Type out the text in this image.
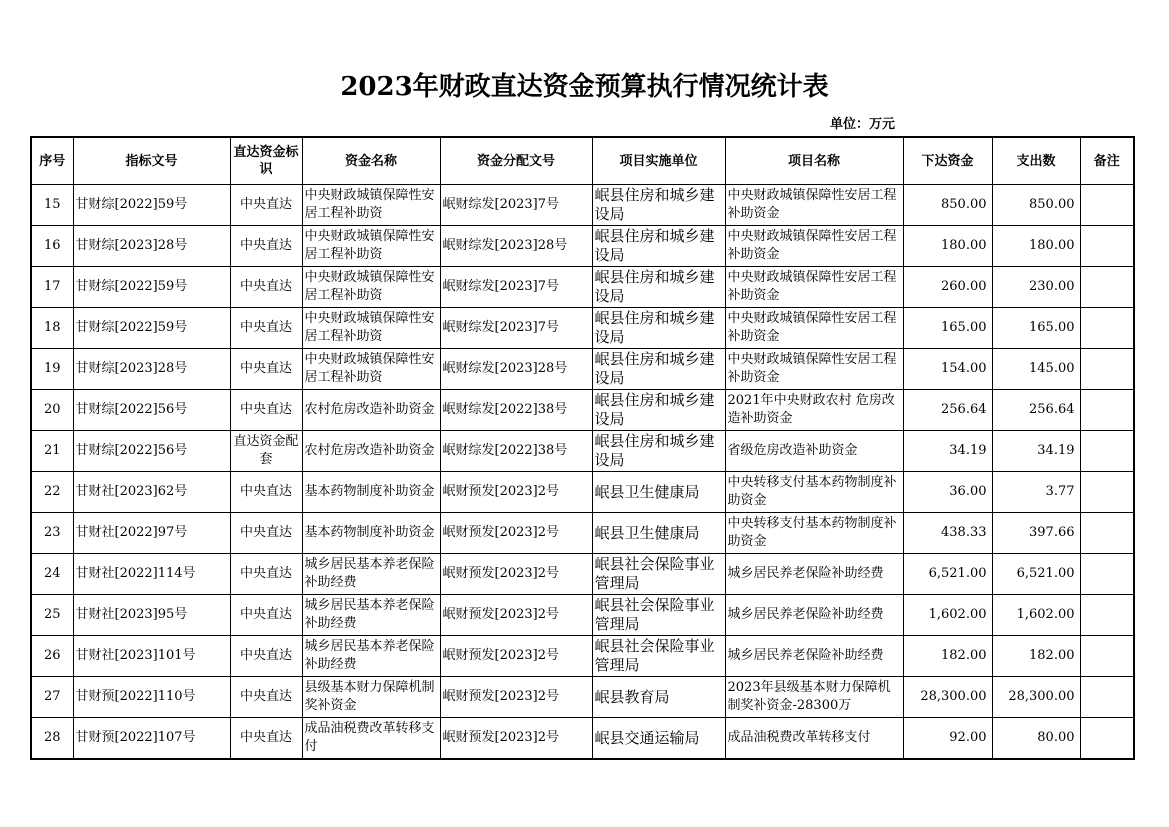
2023年财政直达资金预算执行情况统计表
单位：万元
序号	指标文号	直达资金标识	资金名称	资金分配文号	项目实施单位	项目名称	下达资金	支出数	备注
15	甘财综[2022]59号	中央直达	中央财政城镇保障性安居工程补助资	岷财综发[2023]7号	岷县住房和城乡建设局	中央财政城镇保障性安居工程补助资金	850.00	850.00	
16	甘财综[2023]28号	中央直达	中央财政城镇保障性安居工程补助资	岷财综发[2023]28号	岷县住房和城乡建设局	中央财政城镇保障性安居工程补助资金	180.00	180.00	
17	甘财综[2022]59号	中央直达	中央财政城镇保障性安居工程补助资	岷财综发[2023]7号	岷县住房和城乡建设局	中央财政城镇保障性安居工程补助资金	260.00	230.00	
18	甘财综[2022]59号	中央直达	中央财政城镇保障性安居工程补助资	岷财综发[2023]7号	岷县住房和城乡建设局	中央财政城镇保障性安居工程补助资金	165.00	165.00	
19	甘财综[2023]28号	中央直达	中央财政城镇保障性安居工程补助资	岷财综发[2023]28号	岷县住房和城乡建设局	中央财政城镇保障性安居工程补助资金	154.00	145.00	
20	甘财综[2022]56号	中央直达	农村危房改造补助资金	岷财综发[2022]38号	岷县住房和城乡建设局	2021年中央财政农村 危房改造补助资金	256.64	256.64	
21	甘财综[2022]56号	直达资金配套	农村危房改造补助资金	岷财综发[2022]38号	岷县住房和城乡建设局	省级危房改造补助资金	34.19	34.19	
22	甘财社[2023]62号	中央直达	基本药物制度补助资金	岷财预发[2023]2号	岷县卫生健康局	中央转移支付基本药物制度补助资金	36.00	3.77	
23	甘财社[2022]97号	中央直达	基本药物制度补助资金	岷财预发[2023]2号	岷县卫生健康局	中央转移支付基本药物制度补助资金	438.33	397.66	
24	甘财社[2022]114号	中央直达	城乡居民基本养老保险补助经费	岷财预发[2023]2号	岷县社会保险事业管理局	城乡居民养老保险补助经费	6,521.00	6,521.00	
25	甘财社[2023]95号	中央直达	城乡居民基本养老保险补助经费	岷财预发[2023]2号	岷县社会保险事业管理局	城乡居民养老保险补助经费	1,602.00	1,602.00	
26	甘财社[2023]101号	中央直达	城乡居民基本养老保险补助经费	岷财预发[2023]2号	岷县社会保险事业管理局	城乡居民养老保险补助经费	182.00	182.00	
27	甘财预[2022]110号	中央直达	县级基本财力保障机制奖补资金	岷财预发[2023]2号	岷县教育局	2023年县级基本财力保障机制奖补资金-28300万	28,300.00	28,300.00	
28	甘财预[2022]107号	中央直达	成品油税费改革转移支付	岷财预发[2023]2号	岷县交通运输局	成品油税费改革转移支付	92.00	80.00	
